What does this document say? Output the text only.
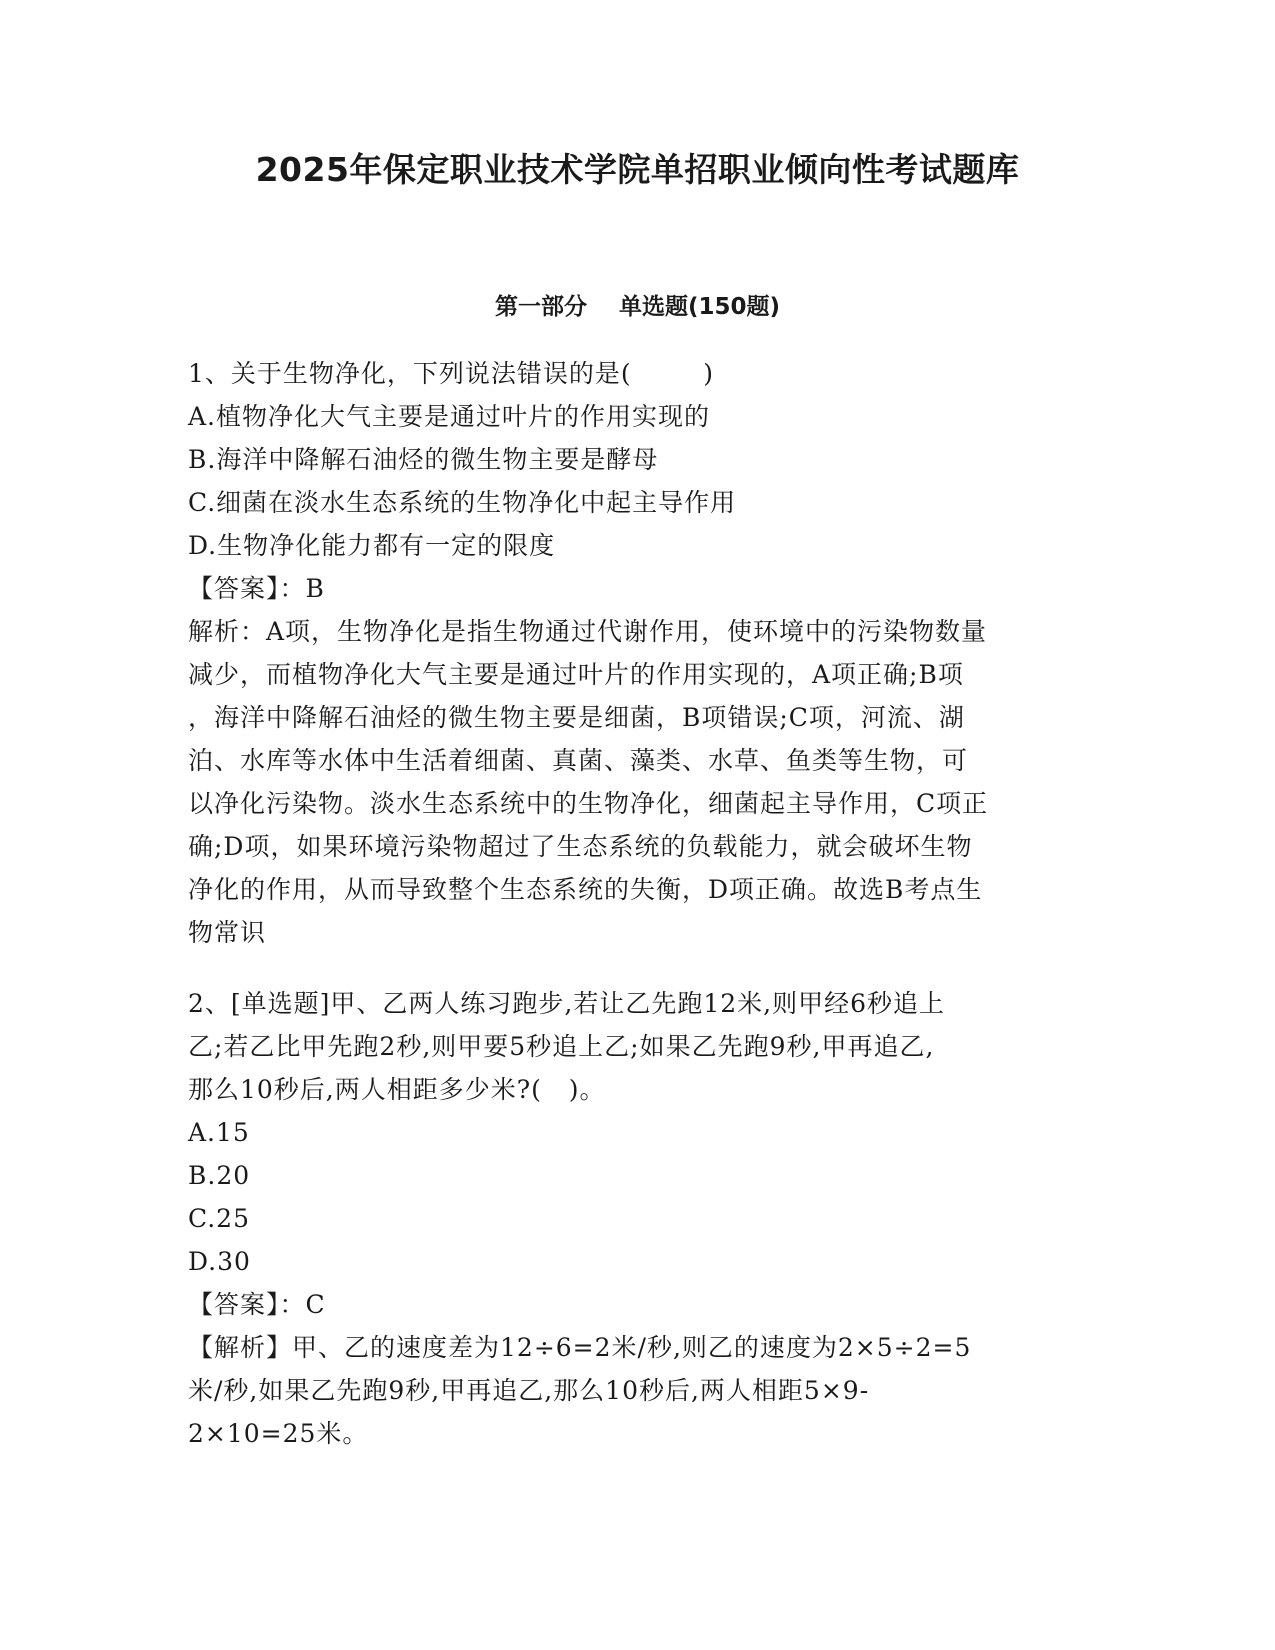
2025年保定职业技术学院单招职业倾向性考试题库
第一部分    单选题(150题)
1、关于生物净化，下列说法错误的是(        )
A.植物净化大气主要是通过叶片的作用实现的
B.海洋中降解石油烃的微生物主要是酵母
C.细菌在淡水生态系统的生物净化中起主导作用
D.生物净化能力都有一定的限度
【答案】：B
解析：A项，生物净化是指生物通过代谢作用，使环境中的污染物数量
减少，而植物净化大气主要是通过叶片的作用实现的，A项正确;B项
，海洋中降解石油烃的微生物主要是细菌，B项错误;C项，河流、湖
泊、水库等水体中生活着细菌、真菌、藻类、水草、鱼类等生物，可
以净化污染物。淡水生态系统中的生物净化，细菌起主导作用，C项正
确;D项，如果环境污染物超过了生态系统的负载能力，就会破坏生物
净化的作用，从而导致整个生态系统的失衡，D项正确。故选B考点生
物常识
2、[单选题]甲、乙两人练习跑步,若让乙先跑12米,则甲经6秒追上
乙;若乙比甲先跑2秒,则甲要5秒追上乙;如果乙先跑9秒,甲再追乙,
那么10秒后,两人相距多少米?(   )。
A.15
B.20
C.25
D.30
【答案】：C
【解析】甲、乙的速度差为12÷6=2米/秒,则乙的速度为2×5÷2=5
米/秒,如果乙先跑9秒,甲再追乙,那么10秒后,两人相距5×9-
2×10=25米。
